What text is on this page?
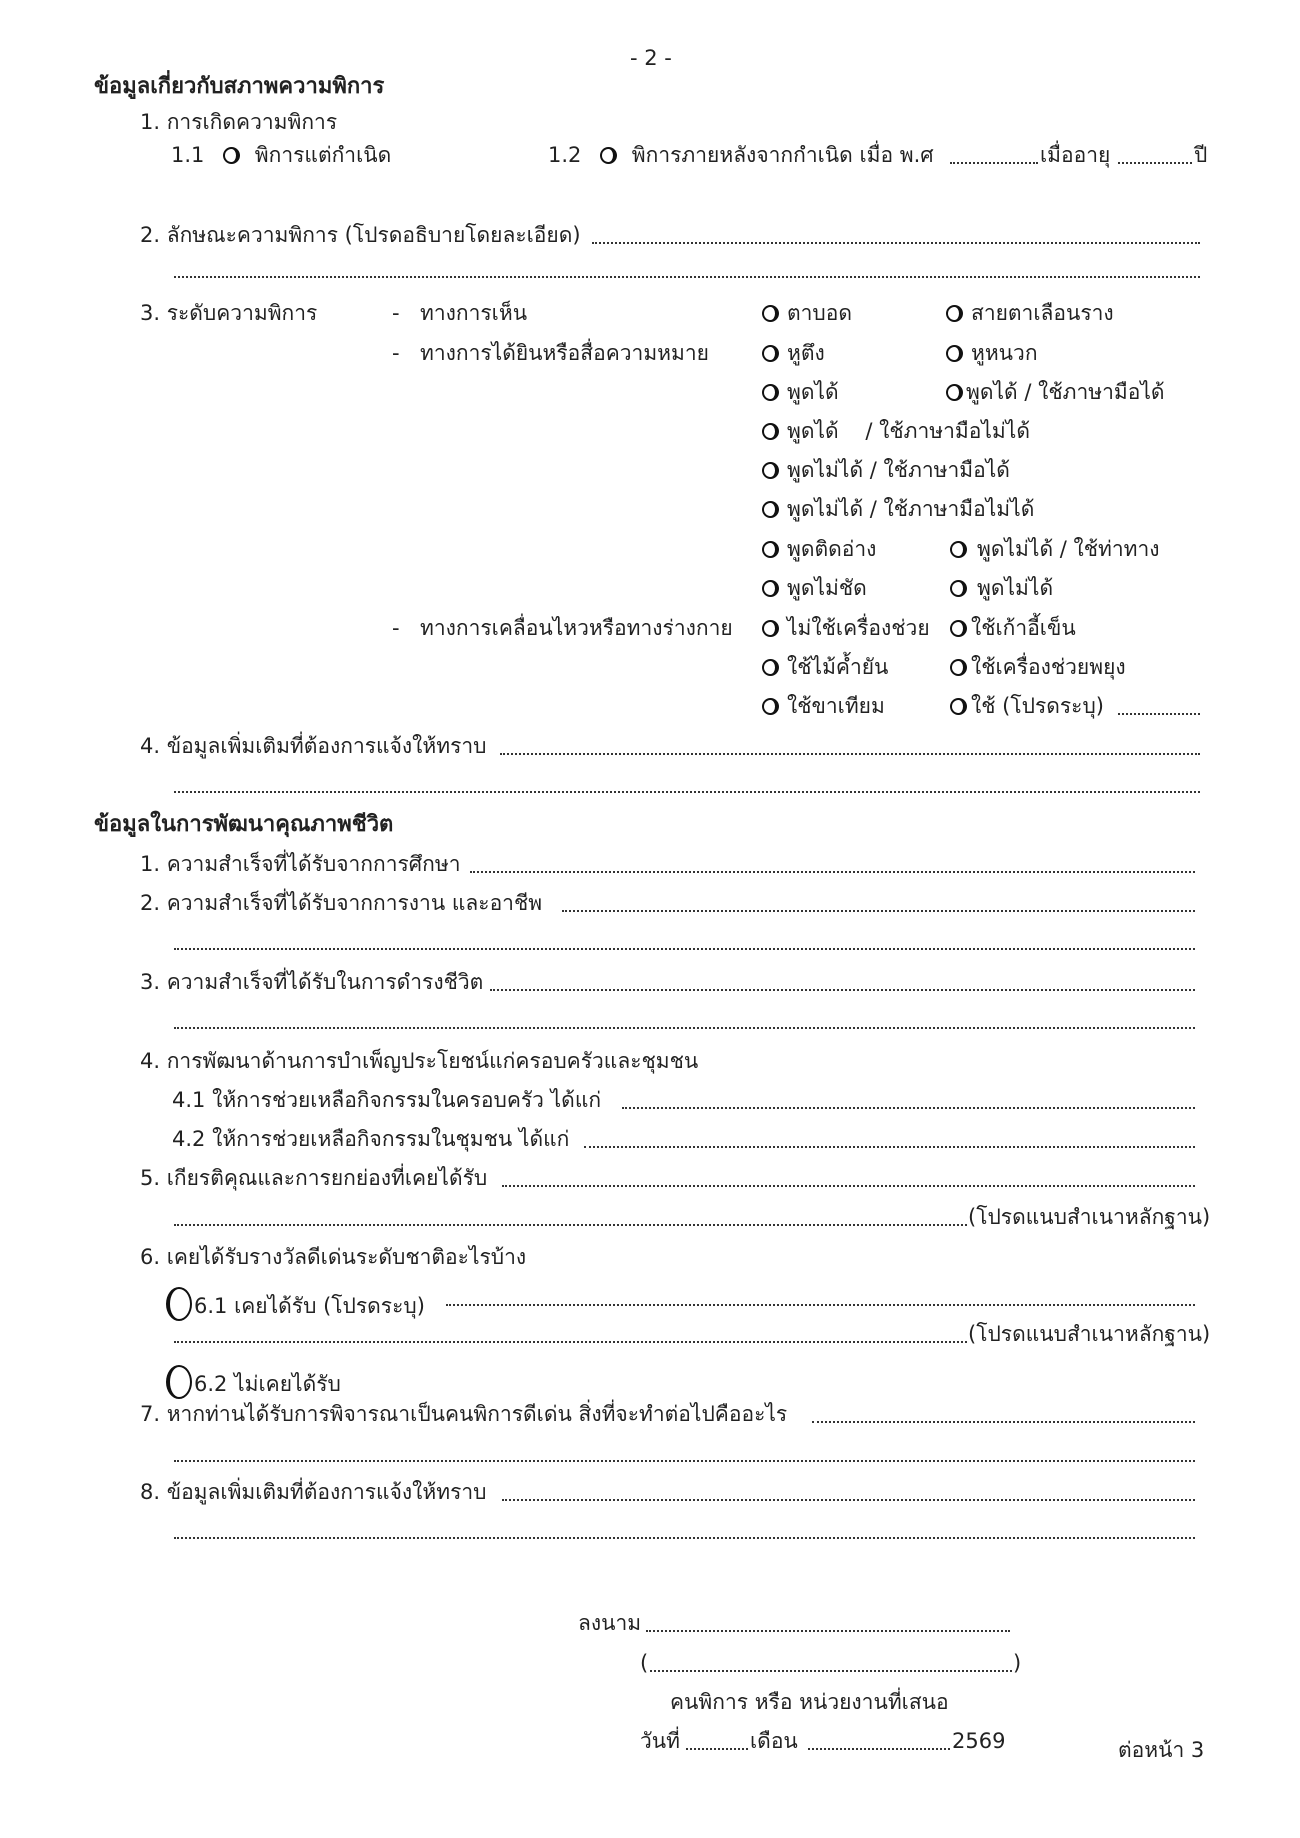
- 2 -
ข้อมูลเกี่ยวกับสภาพความพิการ
1. การเกิดความพิการ
1.1 พิการแต่กำเนิด	1.2 พิการภายหลังจากกำเนิด เมื่อ พ.ศ	เมื่ออายุ	ปี
2. ลักษณะความพิการ (โปรดอธิบายโดยละเอียด)
3. ระดับความพิการ	- ทางการเห็น	ตาบอด	สายตาเลือนราง
- ทางการได้ยินหรือสื่อความหมาย	หูตึง	หูหนวก
พูดได้	พูดได้ / ใช้ภาษามือได้
พูดได้    / ใช้ภาษามือไม่ได้
พูดไม่ได้ / ใช้ภาษามือได้
พูดไม่ได้ / ใช้ภาษามือไม่ได้
พูดติดอ่าง	พูดไม่ได้ / ใช้ท่าทาง
พูดไม่ชัด	พูดไม่ได้
- ทางการเคลื่อนไหวหรือทางร่างกาย	ไม่ใช้เครื่องช่วย	ใช้เก้าอี้เข็น
ใช้ไม้ค้ำยัน	ใช้เครื่องช่วยพยุง
ใช้ขาเทียม	ใช้ (โปรดระบุ)
4. ข้อมูลเพิ่มเติมที่ต้องการแจ้งให้ทราบ
ข้อมูลในการพัฒนาคุณภาพชีวิต
1. ความสำเร็จที่ได้รับจากการศึกษา
2. ความสำเร็จที่ได้รับจากการงาน และอาชีพ
3. ความสำเร็จที่ได้รับในการดำรงชีวิต
4. การพัฒนาด้านการบำเพ็ญประโยชน์แก่ครอบครัวและชุมชน
4.1 ให้การช่วยเหลือกิจกรรมในครอบครัว ได้แก่
4.2 ให้การช่วยเหลือกิจกรรมในชุมชน ได้แก่
5. เกียรติคุณและการยกย่องที่เคยได้รับ
(โปรดแนบสำเนาหลักฐาน)
6. เคยได้รับรางวัลดีเด่นระดับชาติอะไรบ้าง
6.1 เคยได้รับ (โปรดระบุ)
(โปรดแนบสำเนาหลักฐาน)
6.2 ไม่เคยได้รับ
7. หากท่านได้รับการพิจารณาเป็นคนพิการดีเด่น สิ่งที่จะทำต่อไปคืออะไร
8. ข้อมูลเพิ่มเติมที่ต้องการแจ้งให้ทราบ
ลงนาม
(	)
คนพิการ หรือ หน่วยงานที่เสนอ
วันที่	เดือน	2569	ต่อหน้า 3
